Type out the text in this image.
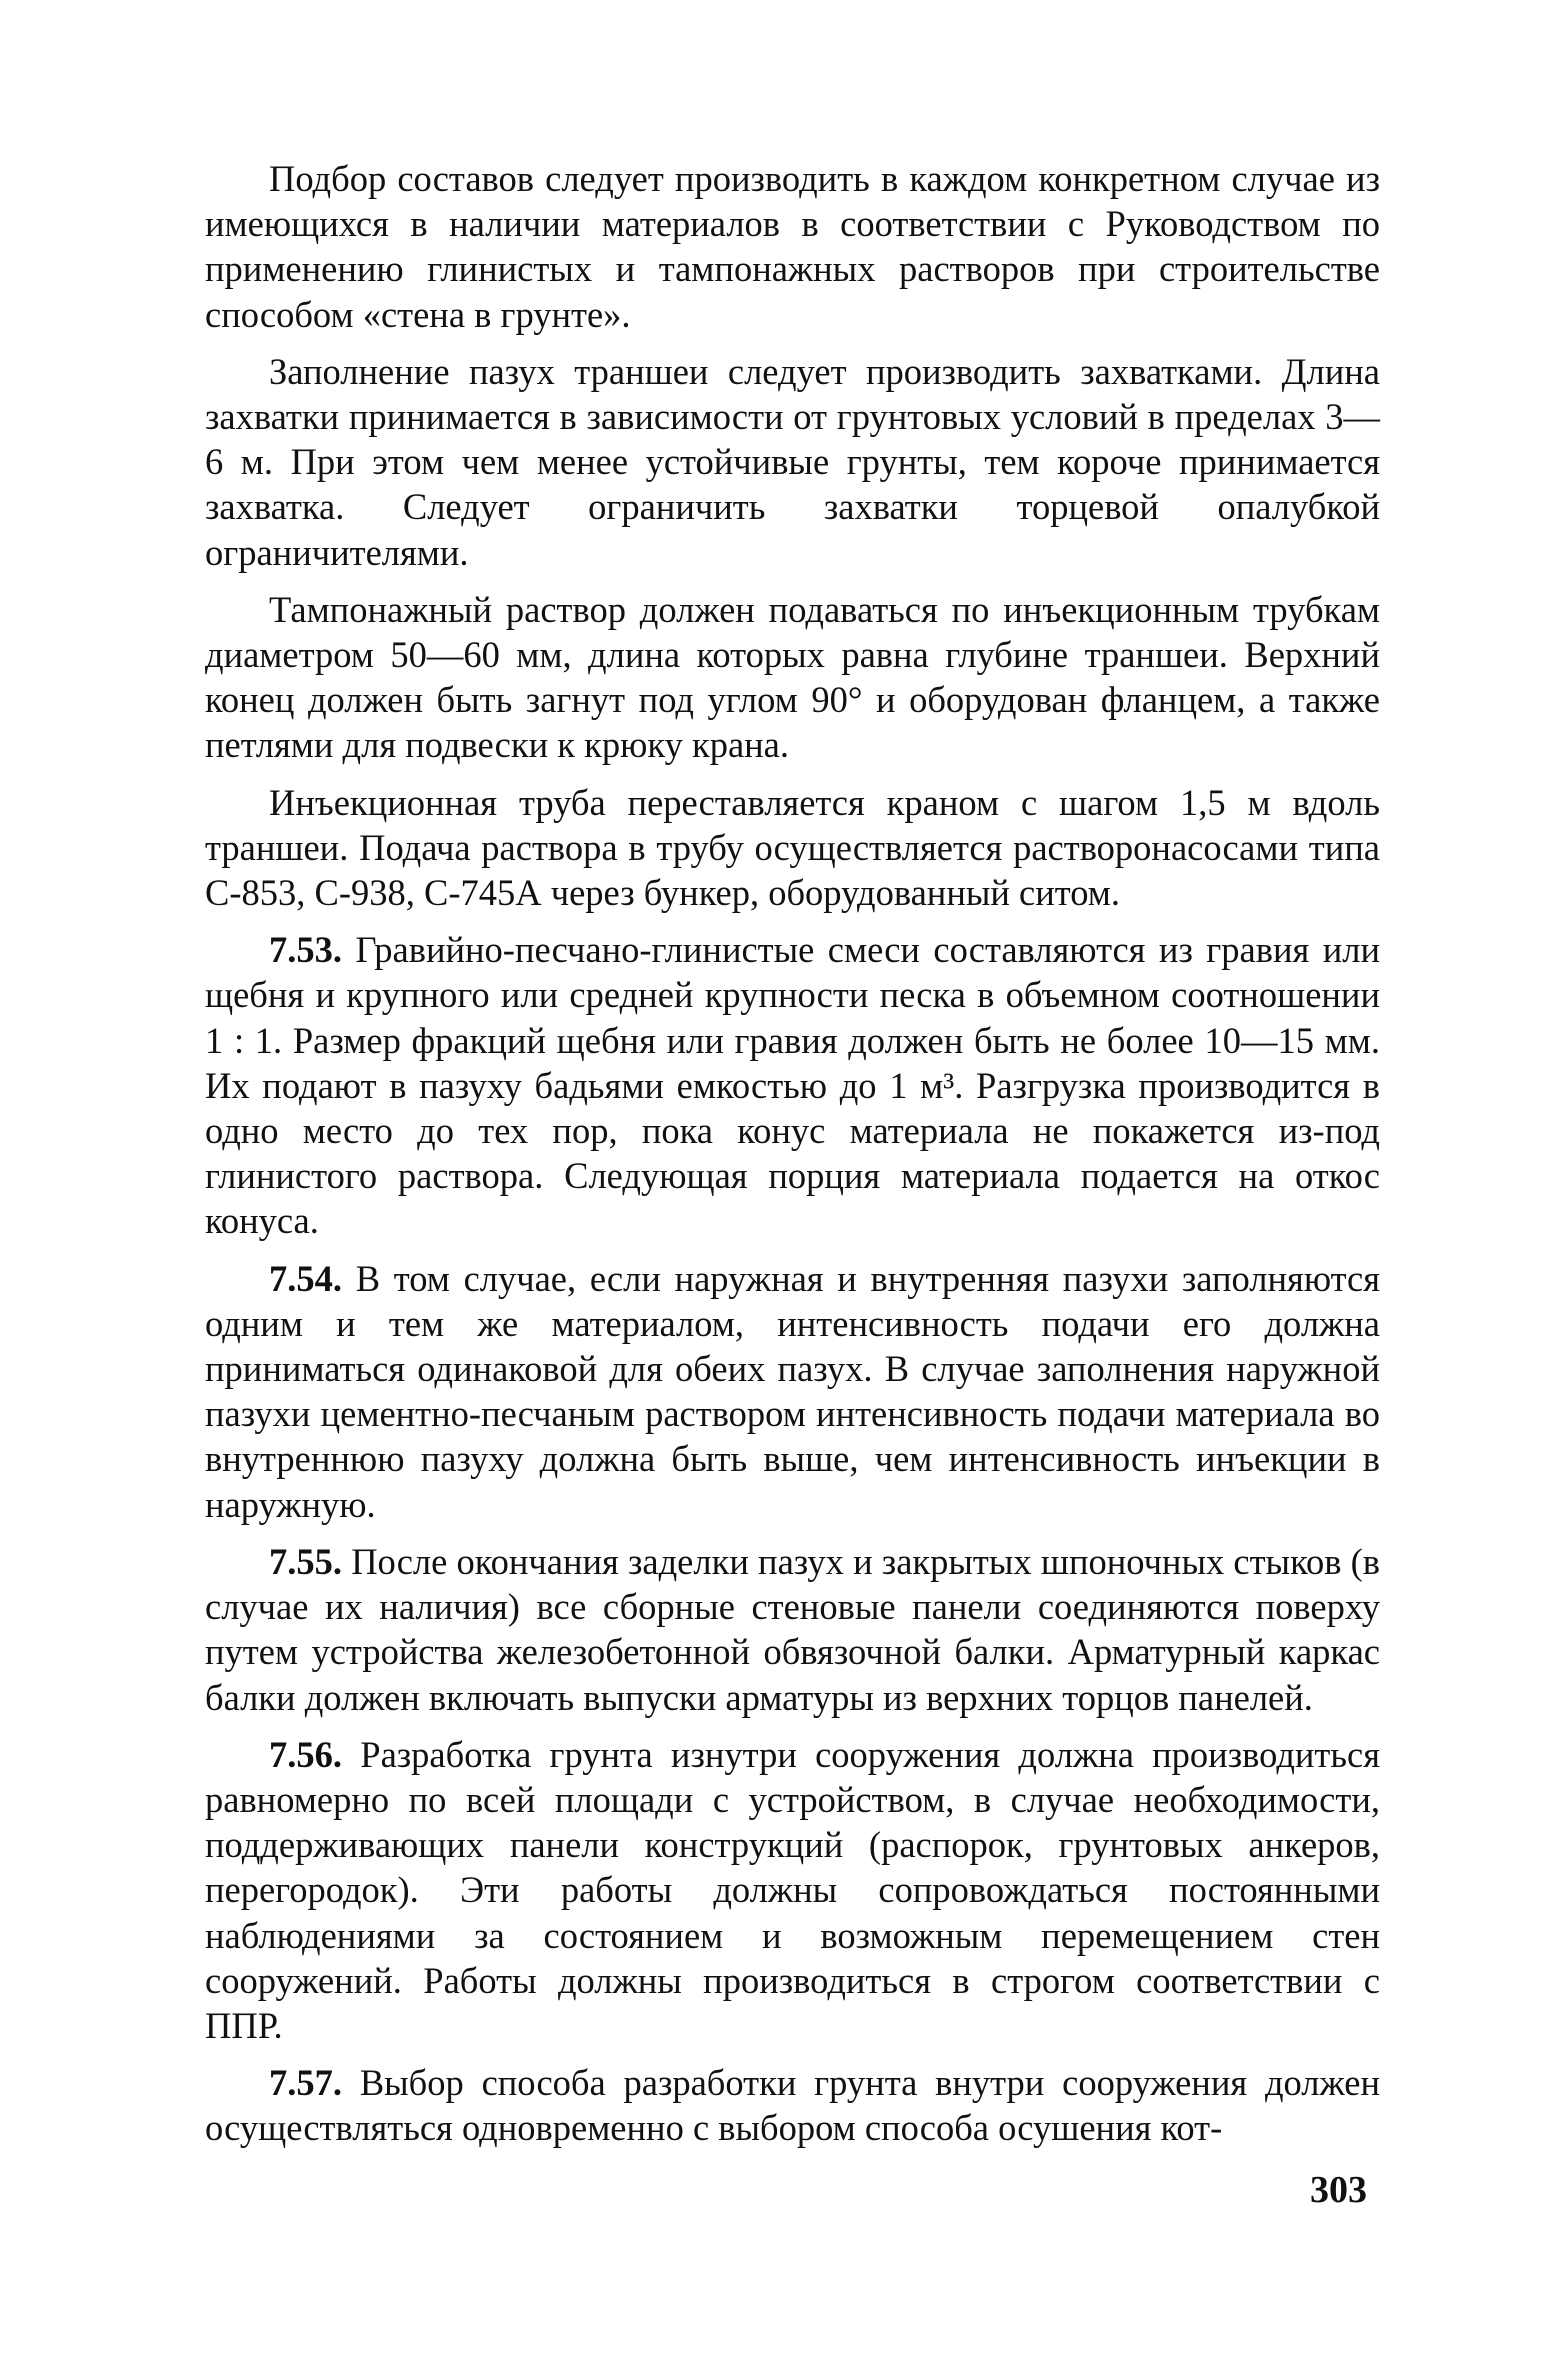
Подбор составов следует производить в каждом конкретном случае из имеющихся в наличии материалов в соответствии с Руководством по применению глинистых и тампонажных растворов при строительстве способом «стена в грунте».

Заполнение пазух траншеи следует производить захватками. Длина захватки принимается в зависимости от грунтовых условий в пределах 3—6 м. При этом чем менее устойчивые грунты, тем короче принимается захватка. Следует ограничить захватки торцевой опалубкой ограничителями.

Тампонажный раствор должен подаваться по инъекционным трубкам диаметром 50—60 мм, длина которых равна глубине траншеи. Верхний конец должен быть загнут под углом 90° и оборудован фланцем, а также петлями для подвески к крюку крана.

Инъекционная труба переставляется краном с шагом 1,5 м вдоль траншеи. Подача раствора в трубу осуществляется растворонасосами типа С-853, С-938, С-745А через бункер, оборудованный ситом.

7.53. Гравийно-песчано-глинистые смеси составляются из гравия или щебня и крупного или средней крупности песка в объемном соотношении 1 : 1. Размер фракций щебня или гравия должен быть не более 10—15 мм. Их подают в пазуху бадьями емкостью до 1 м³. Разгрузка производится в одно место до тех пор, пока конус материала не покажется из-под глинистого раствора. Следующая порция материала подается на откос конуса.

7.54. В том случае, если наружная и внутренняя пазухи заполняются одним и тем же материалом, интенсивность подачи его должна приниматься одинаковой для обеих пазух. В случае заполнения наружной пазухи цементно-песчаным раствором интенсивность подачи материала во внутреннюю пазуху должна быть выше, чем интенсивность инъекции в наружную.

7.55. После окончания заделки пазух и закрытых шпоночных стыков (в случае их наличия) все сборные стеновые панели соединяются поверху путем устройства железобетонной обвязочной балки. Арматурный каркас балки должен включать выпуски арматуры из верхних торцов панелей.

7.56. Разработка грунта изнутри сооружения должна производиться равномерно по всей площади с устройством, в случае необходимости, поддерживающих панели конструкций (распорок, грунтовых анкеров, перегородок). Эти работы должны сопровождаться постоянными наблюдениями за состоянием и возможным перемещением стен сооружений. Работы должны производиться в строгом соответствии с ППР.

7.57. Выбор способа разработки грунта внутри сооружения должен осуществляться одновременно с выбором способа осушения кот-

303
